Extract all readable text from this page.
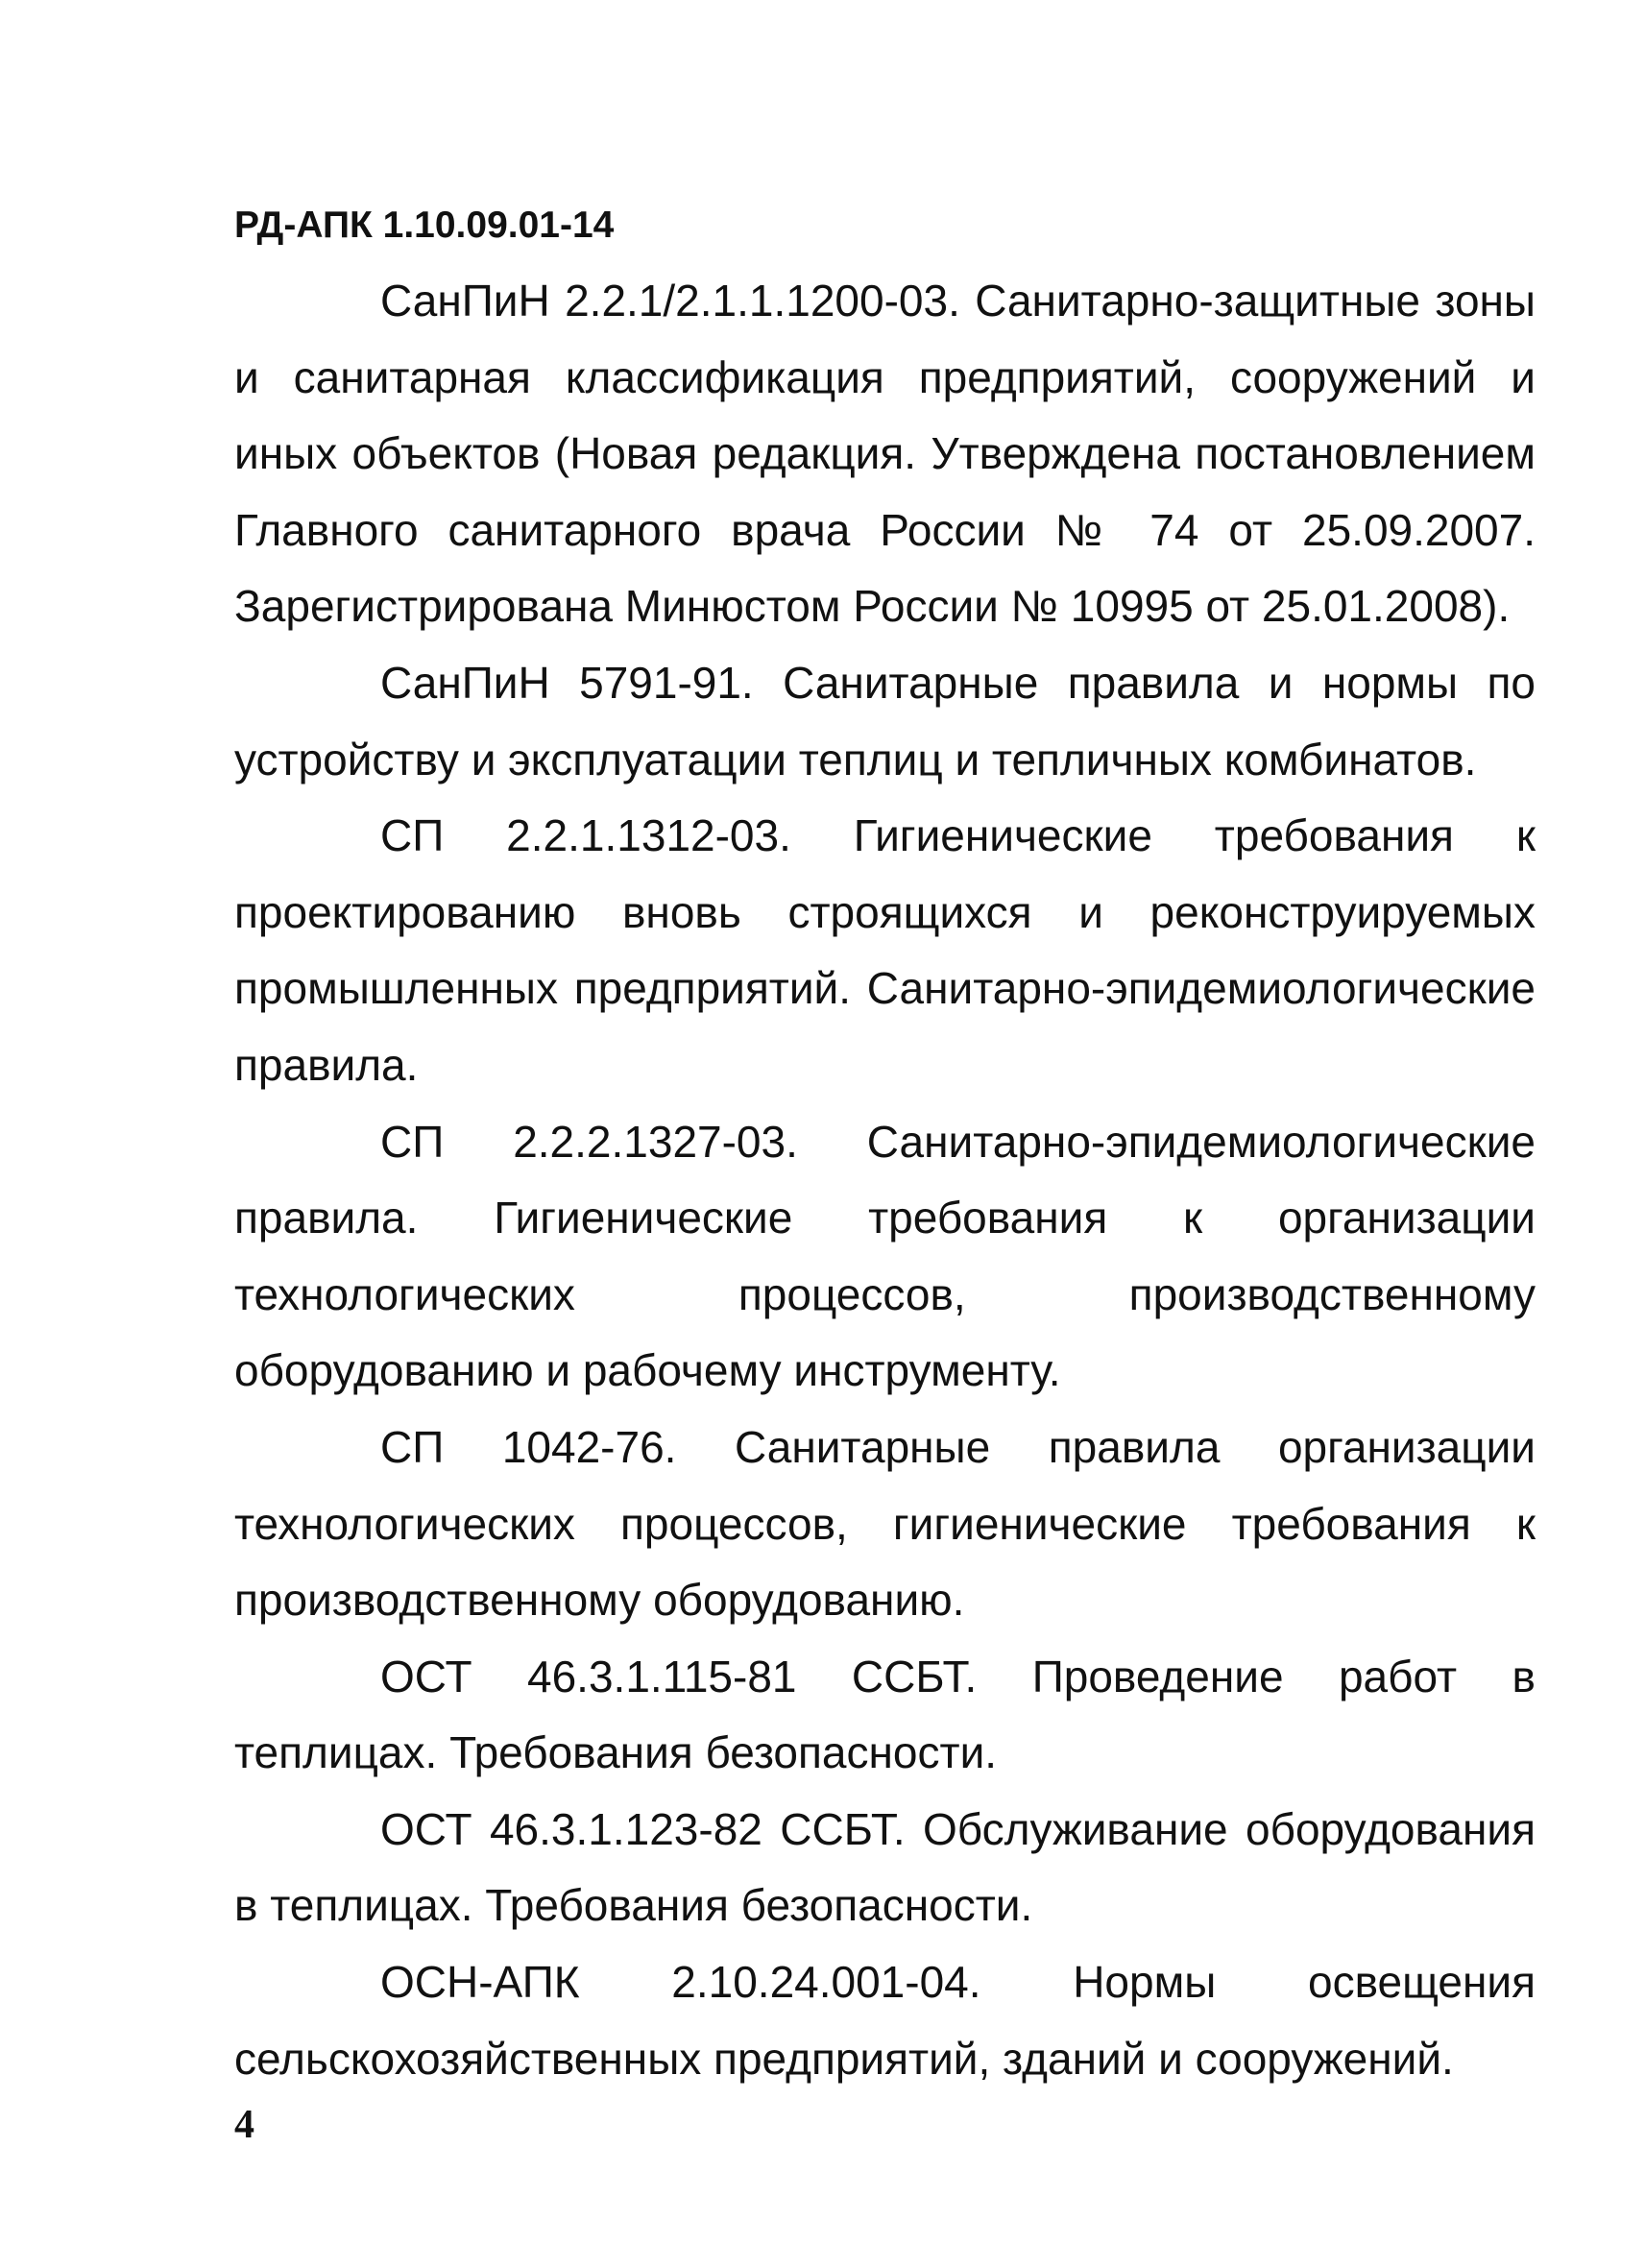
РД-АПК 1.10.09.01-14

СанПиН 2.2.1/2.1.1.1200-03. Санитарно-защитные зоны и санитарная классификация предприятий, сооружений и иных объектов (Новая редакция. Утверждена постановлением Главного санитарного врача России № 74 от 25.09.2007. Зарегистрирована Минюстом России № 10995 от 25.01.2008).

СанПиН 5791-91. Санитарные правила и нормы по устройству и эксплуатации теплиц и тепличных комбинатов.

СП 2.2.1.1312-03. Гигиенические требования к проектированию вновь строящихся и реконструируемых промышленных предприятий. Санитарно-эпидемиологические правила.

СП 2.2.2.1327-03. Санитарно-эпидемиологические правила. Гигиенические требования к организации технологических процессов, производственному оборудованию и рабочему инструменту.

СП 1042-76. Санитарные правила организации технологических процессов, гигиенические требования к производственному оборудованию.

ОСТ 46.3.1.115-81 ССБТ. Проведение работ в теплицах. Требования безопасности.

ОСТ 46.3.1.123-82 ССБТ. Обслуживание оборудования в теплицах. Требования безопасности.

ОСН-АПК 2.10.24.001-04. Нормы освещения сельскохозяйственных предприятий, зданий и сооружений.

4
